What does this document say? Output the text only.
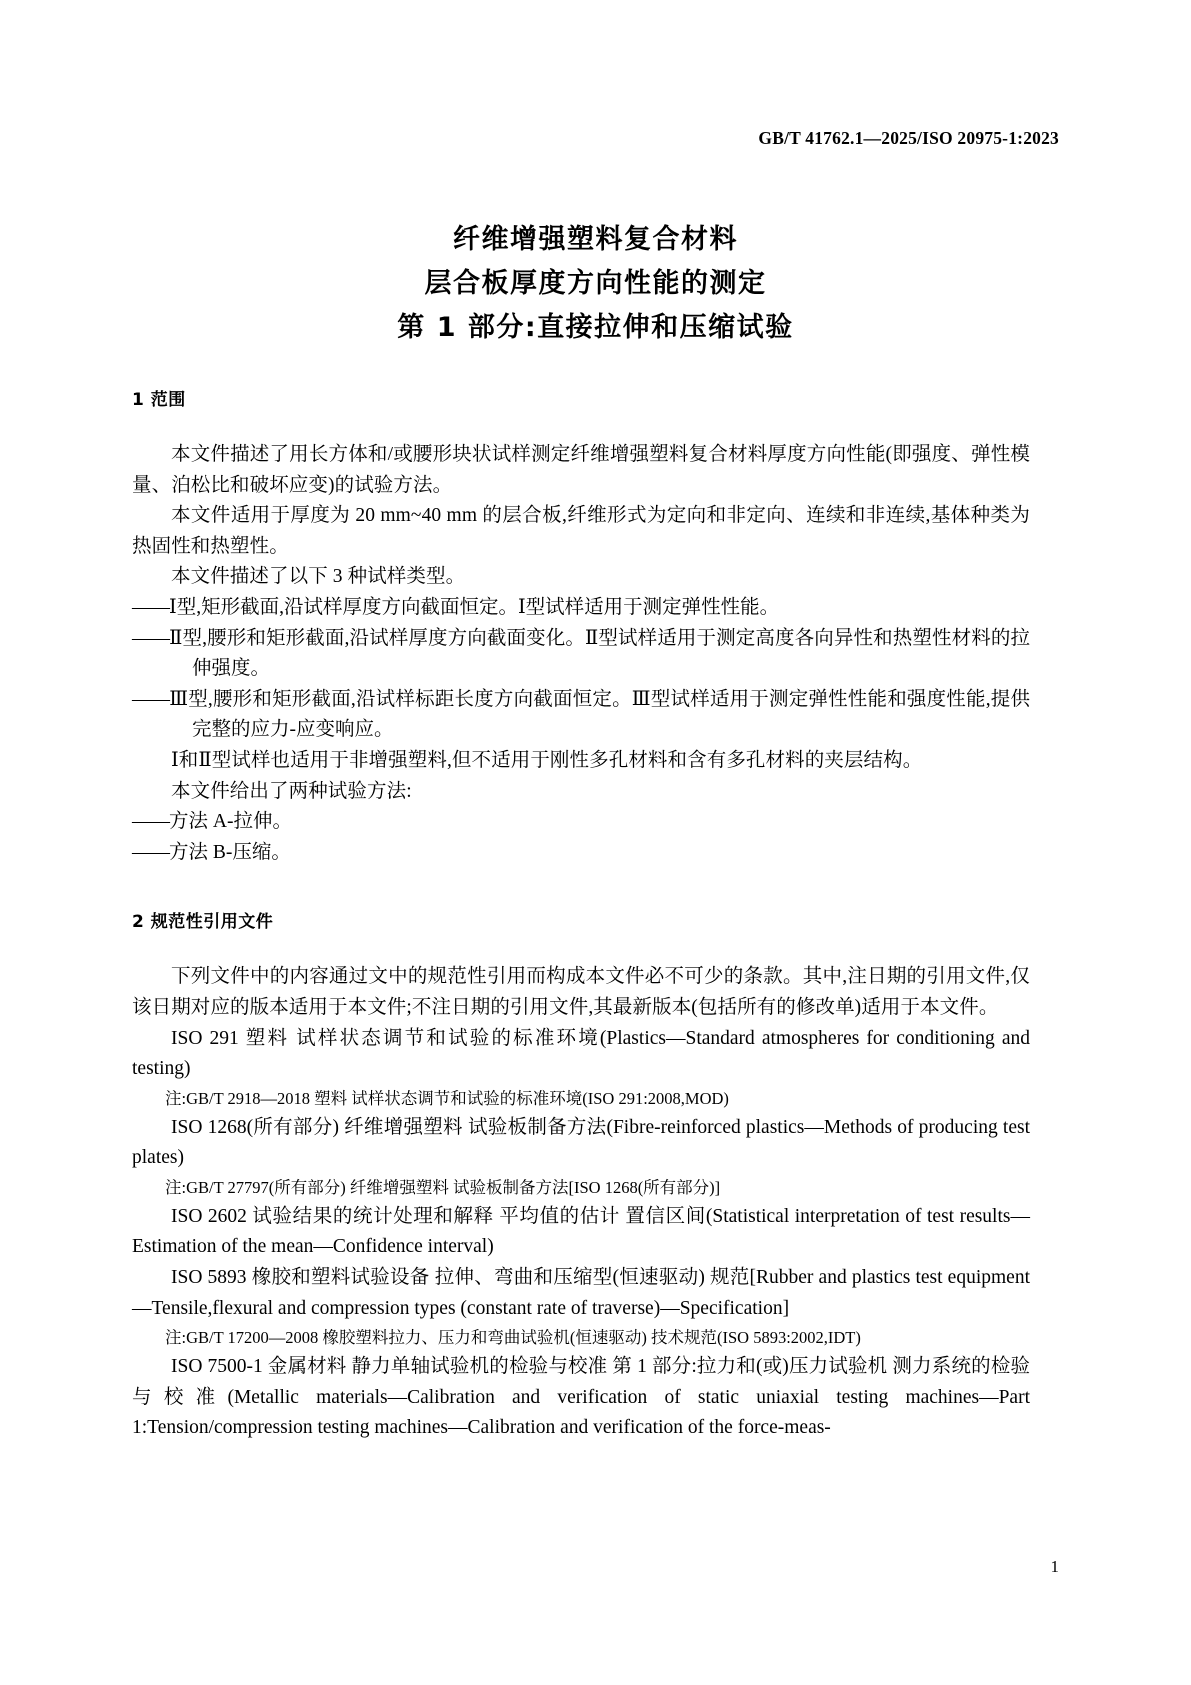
GB/T 41762.1—2025/ISO 20975-1:2023
纤维增强塑料复合材料
层合板厚度方向性能的测定
第 1 部分:直接拉伸和压缩试验
1 范围

本文件描述了用长方体和/或腰形块状试样测定纤维增强塑料复合材料厚度方向性能(即强度、弹性模量、泊松比和破坏应变)的试验方法。

本文件适用于厚度为 20 mm~40 mm 的层合板,纤维形式为定向和非定向、连续和非连续,基体种类为热固性和热塑性。

本文件描述了以下 3 种试样类型。

——Ⅰ型,矩形截面,沿试样厚度方向截面恒定。Ⅰ型试样适用于测定弹性性能。

——Ⅱ型,腰形和矩形截面,沿试样厚度方向截面变化。Ⅱ型试样适用于测定高度各向异性和热塑性材料的拉伸强度。

——Ⅲ型,腰形和矩形截面,沿试样标距长度方向截面恒定。Ⅲ型试样适用于测定弹性性能和强度性能,提供完整的应力-应变响应。

Ⅰ和Ⅱ型试样也适用于非增强塑料,但不适用于刚性多孔材料和含有多孔材料的夹层结构。

本文件给出了两种试验方法:

——方法 A-拉伸。

——方法 B-压缩。

2 规范性引用文件

下列文件中的内容通过文中的规范性引用而构成本文件必不可少的条款。其中,注日期的引用文件,仅该日期对应的版本适用于本文件;不注日期的引用文件,其最新版本(包括所有的修改单)适用于本文件。

ISO 291 塑料 试样状态调节和试验的标准环境(Plastics—Standard atmospheres for conditioning and testing)

注:GB/T 2918—2018 塑料 试样状态调节和试验的标准环境(ISO 291:2008,MOD)

ISO 1268(所有部分) 纤维增强塑料 试验板制备方法(Fibre-reinforced plastics—Methods of producing test plates)

注:GB/T 27797(所有部分) 纤维增强塑料 试验板制备方法[ISO 1268(所有部分)]

ISO 2602 试验结果的统计处理和解释 平均值的估计 置信区间(Statistical interpretation of test results—Estimation of the mean—Confidence interval)

ISO 5893 橡胶和塑料试验设备 拉伸、弯曲和压缩型(恒速驱动) 规范[Rubber and plastics test equipment—Tensile,flexural and compression types (constant rate of traverse)—Specification]

注:GB/T 17200—2008 橡胶塑料拉力、压力和弯曲试验机(恒速驱动) 技术规范(ISO 5893:2002,IDT)

ISO 7500-1 金属材料 静力单轴试验机的检验与校准 第 1 部分:拉力和(或)压力试验机 测力系统的检验与校准(Metallic materials—Calibration and verification of static uniaxial testing machines—Part 1:Tension/compression testing machines—Calibration and verification of the force-meas-

1
